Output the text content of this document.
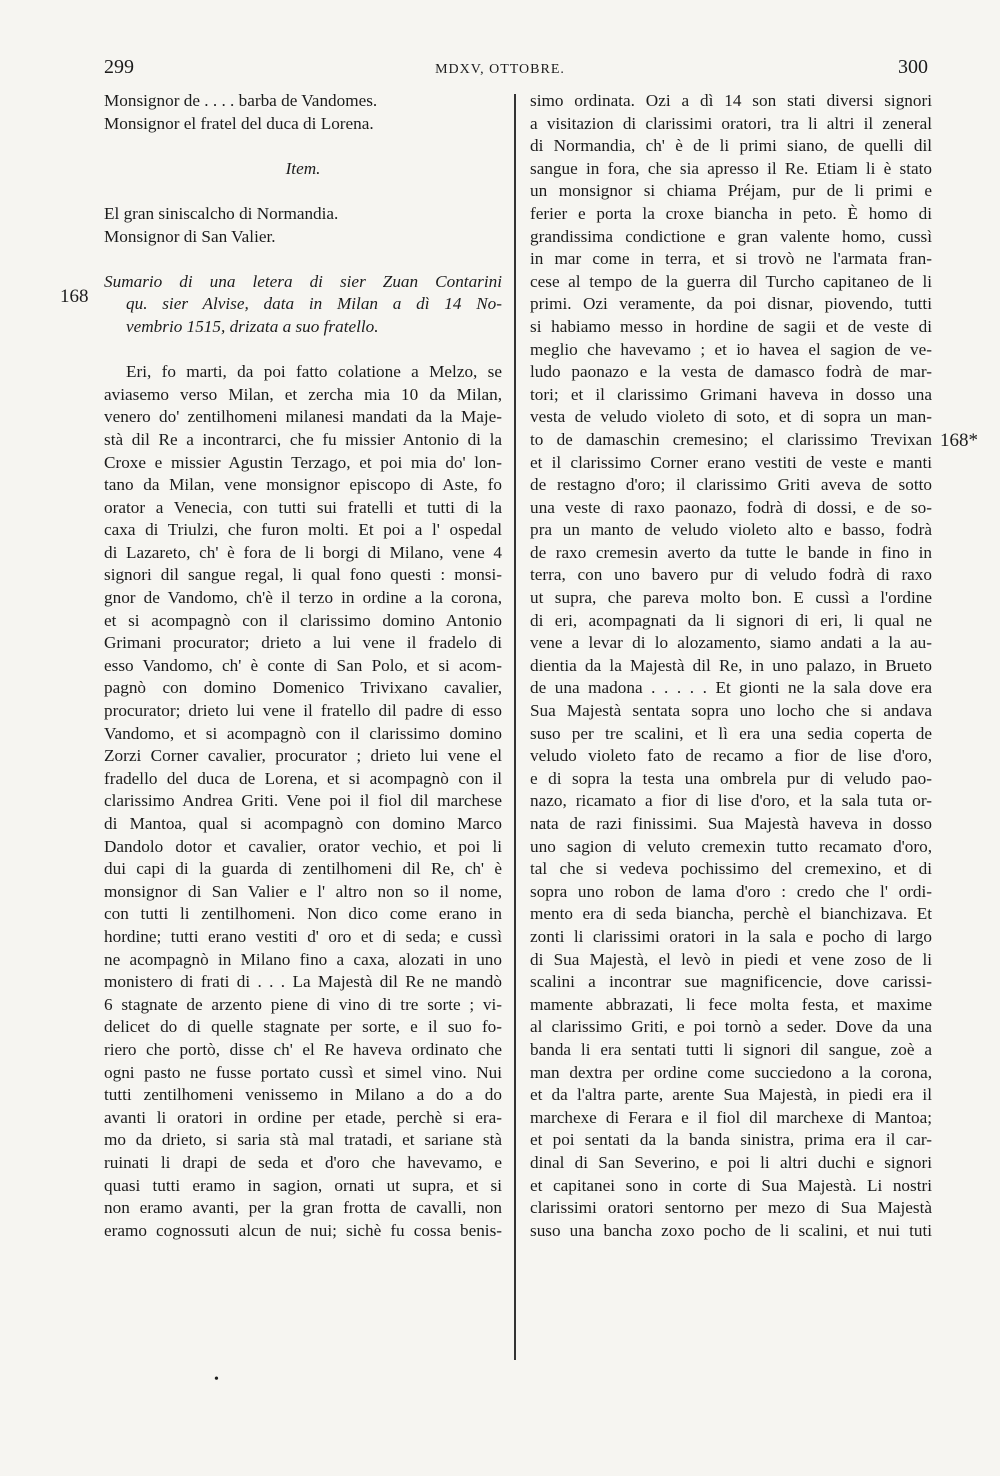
299	MDXV, OTTOBRE.	300
168
168*
Monsignor de . . . . barba de Vandomes.
Monsignor el fratel del duca di Lorena.
Item.
El gran siniscalcho di Normandia.
Monsignor di San Valier.
Sumario di una letera di sier Zuan Contarini
qu. sier Alvise, data in Milan a dì 14 No-
vembrio 1515, drizata a suo fratello.
Eri, fo marti, da poi fatto colatione a Melzo, se
aviasemo verso Milan, et zercha mia 10 da Milan,
venero do' zentilhomeni milanesi mandati da la Maje-
stà dil Re a incontrarci, che fu missier Antonio di la
Croxe e missier Agustin Terzago, et poi mia do' lon-
tano da Milan, vene monsignor episcopo di Aste, fo
orator a Venecia, con tutti sui fratelli et tutti di la
caxa di Triulzi, che furon molti. Et poi a l' ospedal
di Lazareto, ch' è fora de li borgi di Milano, vene 4
signori dil sangue regal, li qual fono questi : monsi-
gnor de Vandomo, ch'è il terzo in ordine a la corona,
et si acompagnò con il clarissimo domino Antonio
Grimani procurator; drieto a lui vene il fradelo di
esso Vandomo, ch' è conte di San Polo, et si acom-
pagnò con domino Domenico Trivixano cavalier,
procurator; drieto lui vene il fratello dil padre di esso
Vandomo, et si acompagnò con il clarissimo domino
Zorzi Corner cavalier, procurator ; drieto lui vene el
fradello del duca de Lorena, et si acompagnò con il
clarissimo Andrea Griti. Vene poi il fiol dil marchese
di Mantoa, qual si acompagnò con domino Marco
Dandolo dotor et cavalier, orator vechio, et poi li
dui capi di la guarda di zentilhomeni dil Re, ch' è
monsignor di San Valier e l' altro non so il nome,
con tutti li zentilhomeni. Non dico come erano in
hordine; tutti erano vestiti d' oro et di seda; e cussì
ne acompagnò in Milano fino a caxa, alozati in uno
monistero di frati di . . . La Majestà dil Re ne mandò
6 stagnate de arzento piene di vino di tre sorte ; vi-
delicet do di quelle stagnate per sorte, e il suo fo-
riero che portò, disse ch' el Re haveva ordinato che
ogni pasto ne fusse portato cussì et simel vino. Nui
tutti zentilhomeni venissemo in Milano a do a do
avanti li oratori in ordine per etade, perchè si era-
mo da drieto, si saria stà mal tratadi, et sariane stà
ruinati li drapi de seda et d'oro che havevamo, e
quasi tutti eramo in sagion, ornati ut supra, et si
non eramo avanti, per la gran frotta de cavalli, non
eramo cognossuti alcun de nui; sichè fu cossa benis-
simo ordinata. Ozi a dì 14 son stati diversi signori
a visitazion di clarissimi oratori, tra li altri il zeneral
di Normandia, ch' è de li primi siano, de quelli dil
sangue in fora, che sia apresso il Re. Etiam li è stato
un monsignor si chiama Préjam, pur de li primi e
ferier e porta la croxe biancha in peto. È homo di
grandissima condictione e gran valente homo, cussì
in mar come in terra, et si trovò ne l'armata fran-
cese al tempo de la guerra dil Turcho capitaneo de li
primi. Ozi veramente, da poi disnar, piovendo, tutti
si habiamo messo in hordine de sagii et de veste di
meglio che havevamo ; et io havea el sagion de ve-
ludo paonazo e la vesta de damasco fodrà de mar-
tori; et il clarissimo Grimani haveva in dosso una
vesta de veludo violeto di soto, et di sopra un man-
to de damaschin cremesino; el clarissimo Trevixan
et il clarissimo Corner erano vestiti de veste e manti
de restagno d'oro; il clarissimo Griti aveva de sotto
una veste di raxo paonazo, fodrà di dossi, e de so-
pra un manto de veludo violeto alto e basso, fodrà
de raxo cremesin averto da tutte le bande in fino in
terra, con uno bavero pur di veludo fodrà di raxo
ut supra, che pareva molto bon. E cussì a l'ordine
di eri, acompagnati da li signori di eri, li qual ne
vene a levar di lo alozamento, siamo andati a la au-
dientia da la Majestà dil Re, in uno palazo, in Brueto
de una madona . . . . . Et gionti ne la sala dove era
Sua Majestà sentata sopra uno locho che si andava
suso per tre scalini, et lì era una sedia coperta de
veludo violeto fato de recamo a fior de lise d'oro,
e di sopra la testa una ombrela pur di veludo pao-
nazo, ricamato a fior di lise d'oro, et la sala tuta or-
nata de razi finissimi. Sua Majestà haveva in dosso
uno sagion di veluto cremexin tutto recamato d'oro,
tal che si vedeva pochissimo del cremexino, et di
sopra uno robon de lama d'oro : credo che l' ordi-
mento era di seda biancha, perchè el bianchizava. Et
zonti li clarissimi oratori in la sala e pocho di largo
di Sua Majestà, el levò in piedi et vene zoso de li
scalini a incontrar sue magnificencie, dove carissi-
mamente abbrazati, li fece molta festa, et maxime
al clarissimo Griti, e poi tornò a seder. Dove da una
banda li era sentati tutti li signori dil sangue, zoè a
man dextra per ordine come succiedono a la corona,
et da l'altra parte, arente Sua Majestà, in piedi era il
marchexe di Ferara e il fiol dil marchexe di Mantoa;
et poi sentati da la banda sinistra, prima era il car-
dinal di San Severino, e poi li altri duchi e signori
et capitanei sono in corte di Sua Majestà. Li nostri
clarissimi oratori sentorno per mezo di Sua Majestà
suso una bancha zoxo pocho de li scalini, et nui tuti
•
